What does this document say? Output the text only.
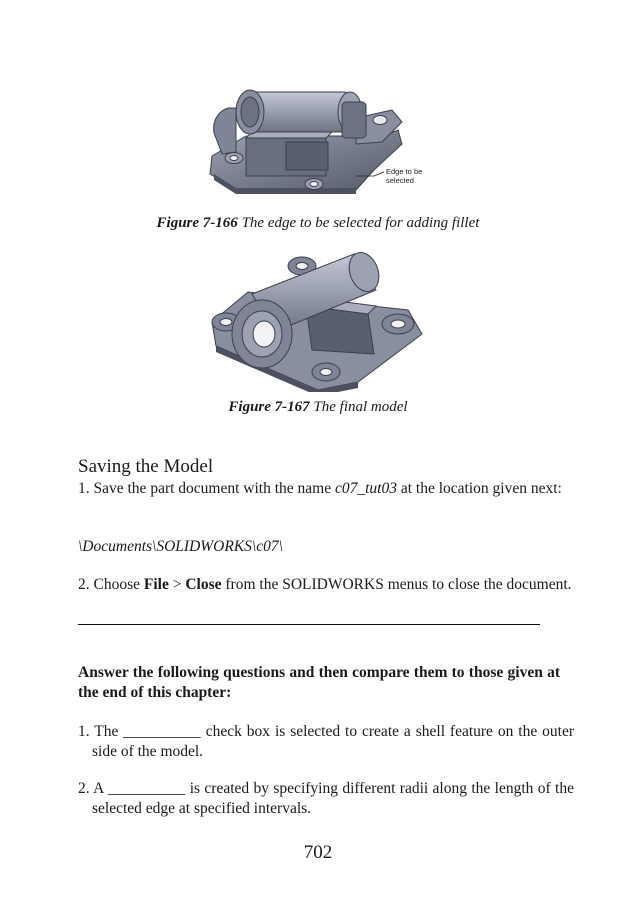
Edge to be
selected
Figure 7-166 The edge to be selected for adding fillet
Figure 7-167 The final model
Saving the Model
1. Save the part document with the name c07_tut03 at the location given next:
\Documents\SOLIDWORKS\c07\
2. Choose File > Close from the SOLIDWORKS menus to close the document.
Answer the following questions and then compare them to those given at the end of this chapter:
1. The __________ check box is selected to create a shell feature on the outer side of the model.
2. A __________ is created by specifying different radii along the length of the selected edge at specified intervals.
702
